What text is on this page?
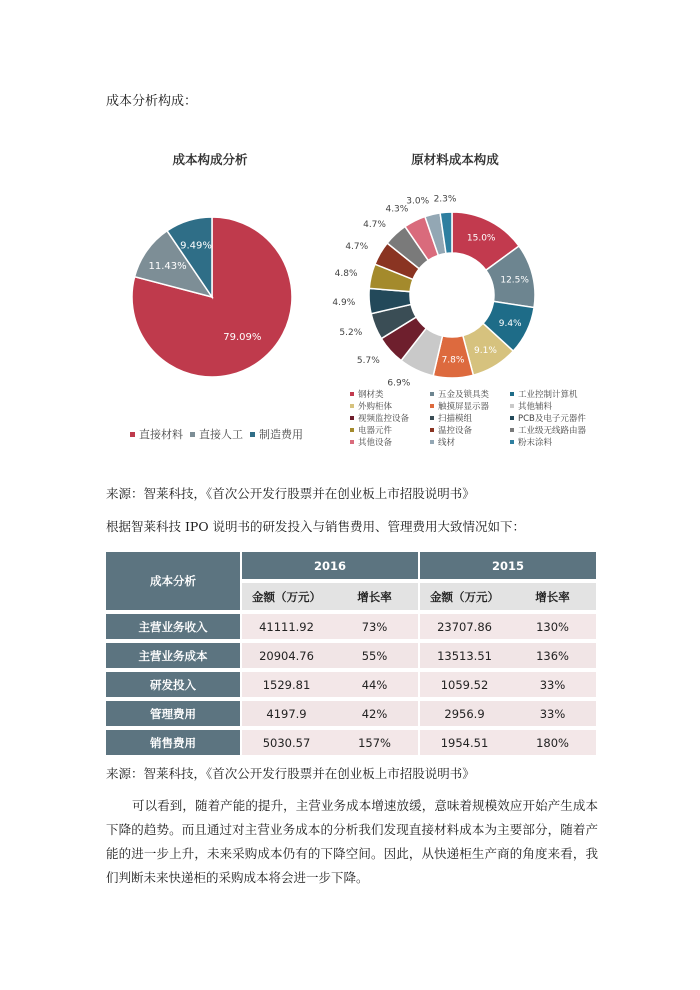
成本分析构成：
成本构成分析
79.09%
11.43%
9.49%
直接材料 直接人工 制造费用
原材料成本构成
15.0%
12.5%
9.4%
9.1%
7.8%
6.9%
5.7%
5.2%
4.9%
4.8%
4.7%
4.7%
4.3%
3.0% 2.3%
钢材类	五金及锁具类	工业控制计算机
外购柜体	触摸屏显示器	其他辅料
视频监控设备	扫描模组	PCB及电子元器件
电器元件	温控设备	工业级无线路由器
其他设备	线材	粉末涂料
来源：智莱科技，《首次公开发行股票并在创业板上市招股说明书》
根据智莱科技 IPO 说明书的研发投入与销售费用、管理费用大致情况如下：
成本分析		2016			2015	
		金额（万元）	增长率		金额（万元）	增长率
主营业务收入		41111.92	73%		23707.86	130%
主营业务成本		20904.76	55%		13513.51	136%
研发投入		1529.81	44%		1059.52	33%
管理费用		4197.9	42%		2956.9	33%
销售费用		5030.57	157%		1954.51	180%
来源：智莱科技，《首次公开发行股票并在创业板上市招股说明书》
可以看到，随着产能的提升，主营业务成本增速放缓，意味着规模效应开始产生成本下降的趋势。而且通过对主营业务成本的分析我们发现直接材料成本为主要部分，随着产能的进一步上升，未来采购成本仍有的下降空间。因此，从快递柜生产商的角度来看，我们判断未来快递柜的采购成本将会进一步下降。
